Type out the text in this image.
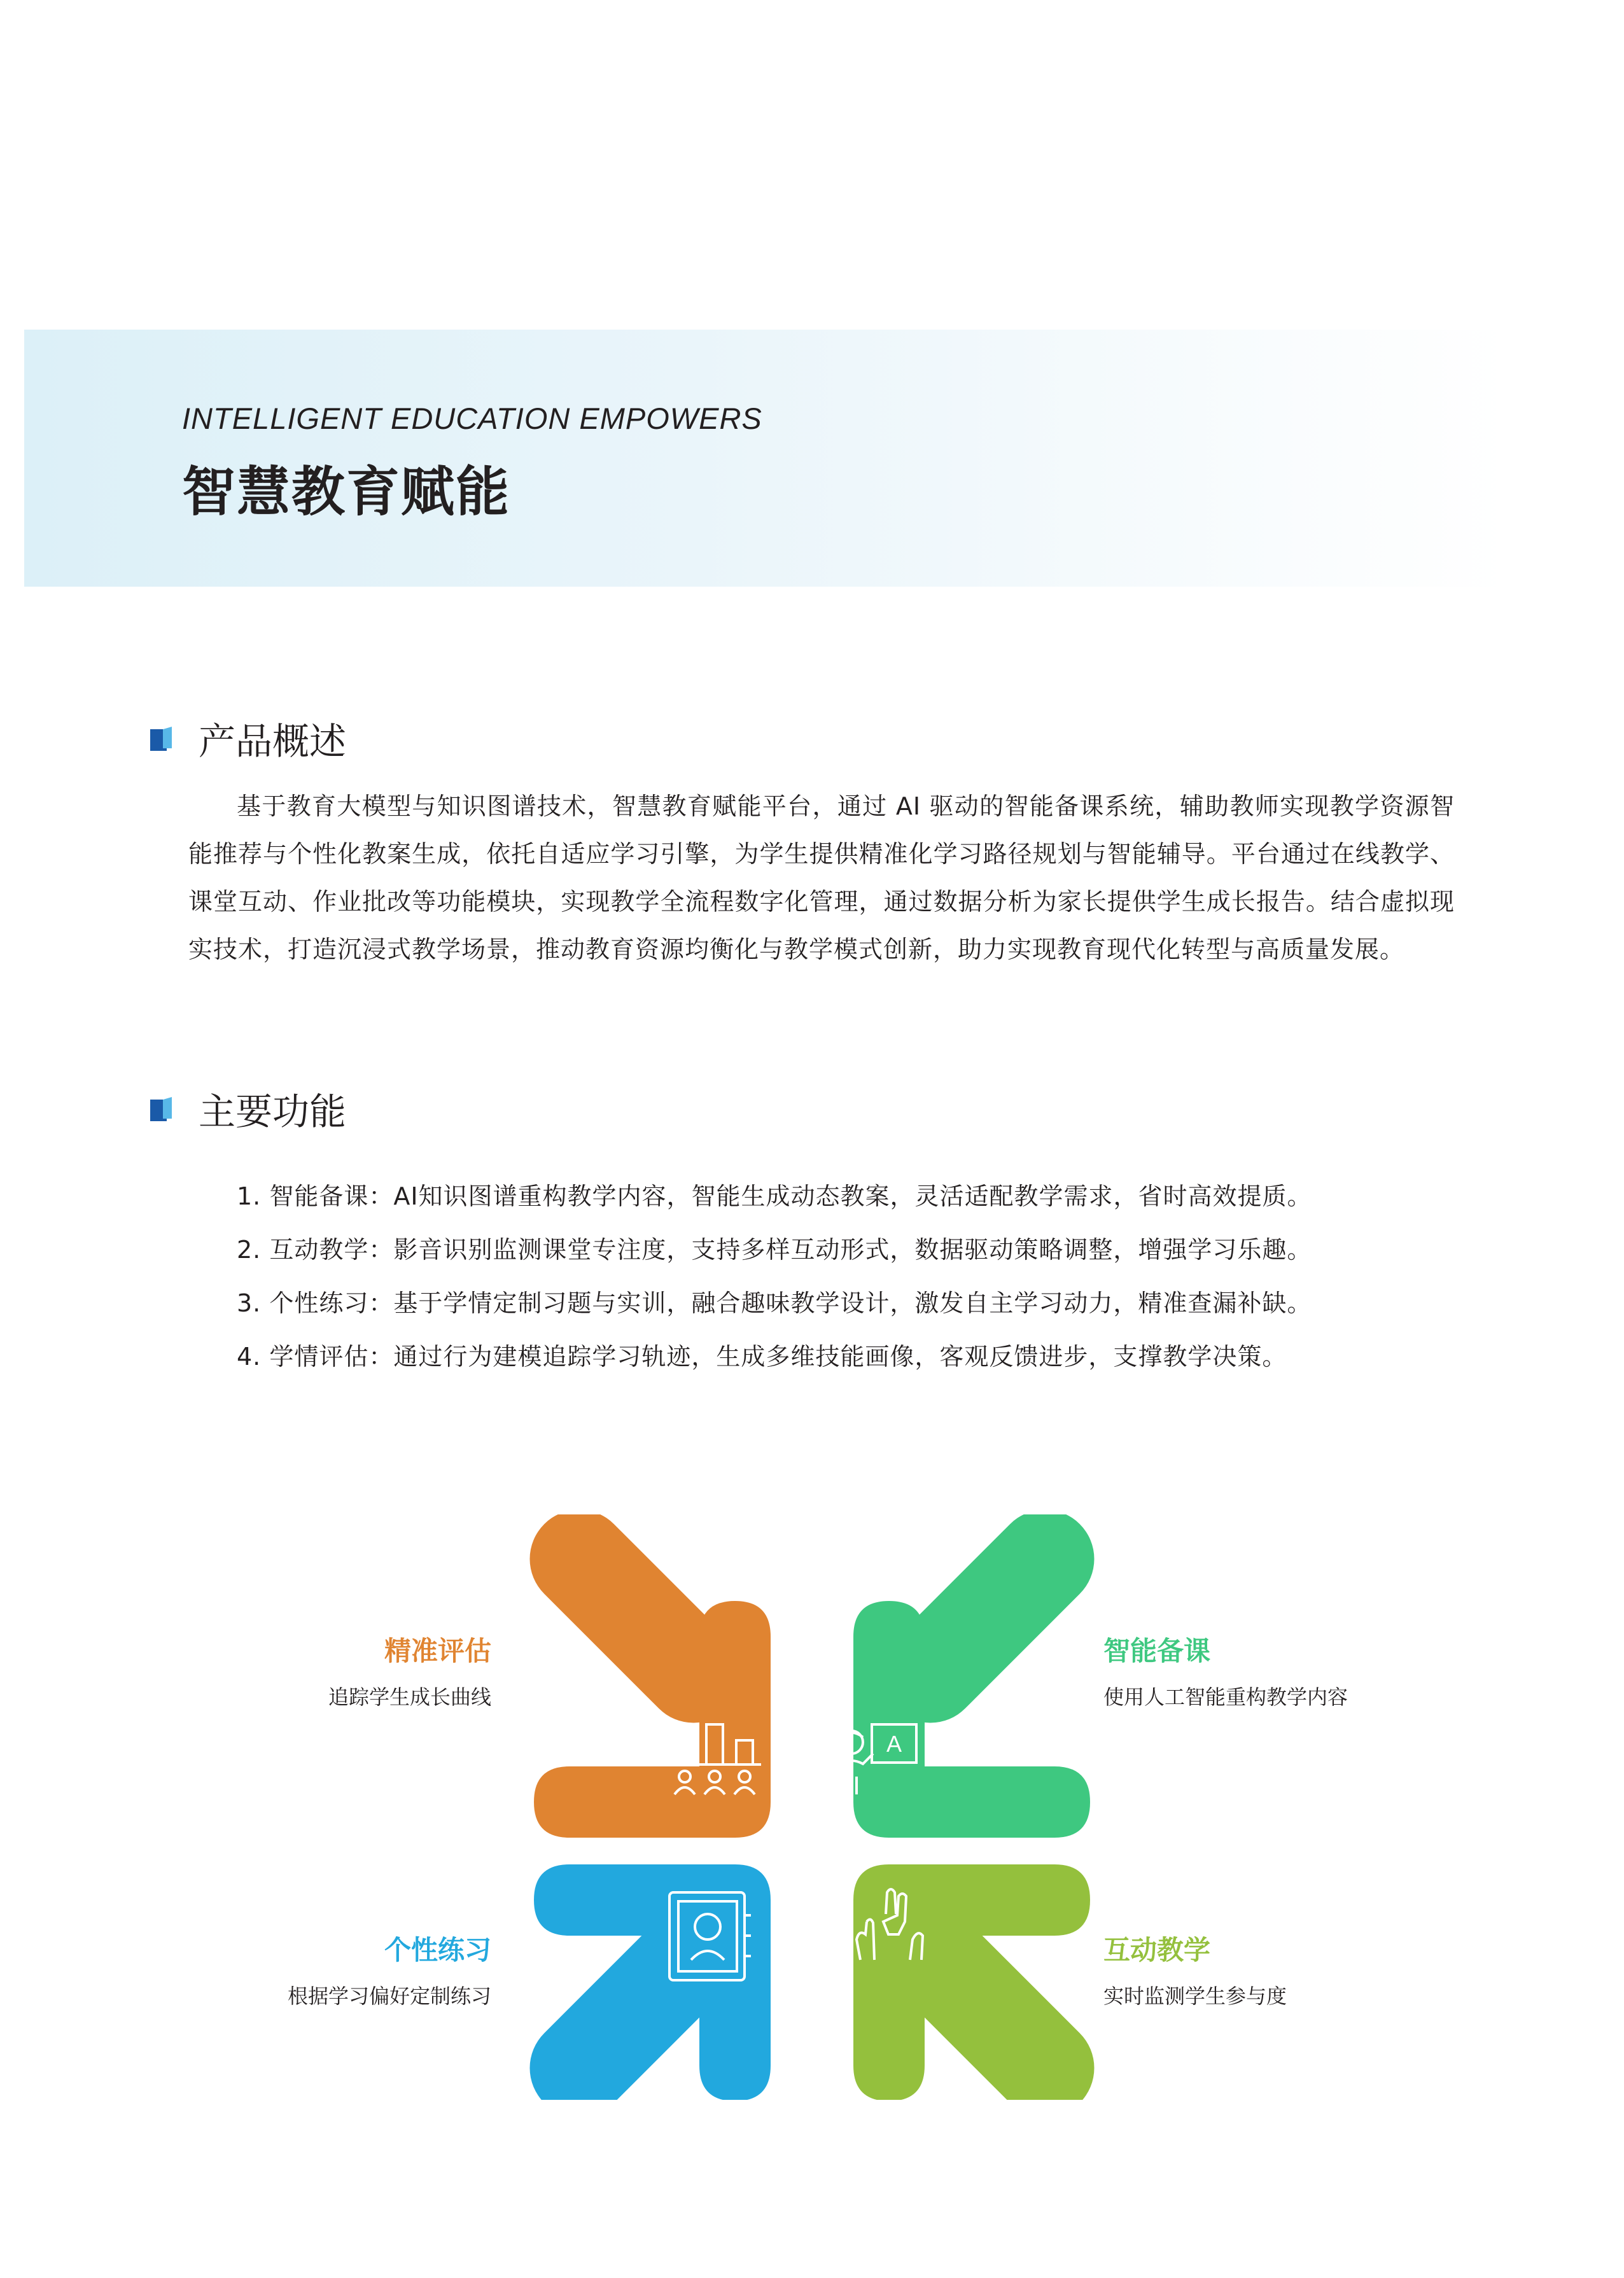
INTELLIGENT EDUCATION EMPOWERS
智慧教育赋能
产品概述
基于教育大模型与知识图谱技术，智慧教育赋能平台，通过 AI 驱动的智能备课系统，辅助教师实现教学资源智能推荐与个性化教案生成，依托自适应学习引擎，为学生提供精准化学习路径规划与智能辅导。平台通过在线教学、课堂互动、作业批改等功能模块，实现教学全流程数字化管理，通过数据分析为家长提供学生成长报告。结合虚拟现实技术，打造沉浸式教学场景，推动教育资源均衡化与教学模式创新，助力实现教育现代化转型与高质量发展。
主要功能
1. 智能备课：AI知识图谱重构教学内容，智能生成动态教案，灵活适配教学需求，省时高效提质。
2. 互动教学：影音识别监测课堂专注度，支持多样互动形式，数据驱动策略调整，增强学习乐趣。
3. 个性练习：基于学情定制习题与实训，融合趣味教学设计，激发自主学习动力，精准查漏补缺。
4. 学情评估：通过行为建模追踪学习轨迹，生成多维技能画像，客观反馈进步，支撑教学决策。
A
精准评估
追踪学生成长曲线
智能备课
使用人工智能重构教学内容
个性练习
根据学习偏好定制练习
互动教学
实时监测学生参与度
